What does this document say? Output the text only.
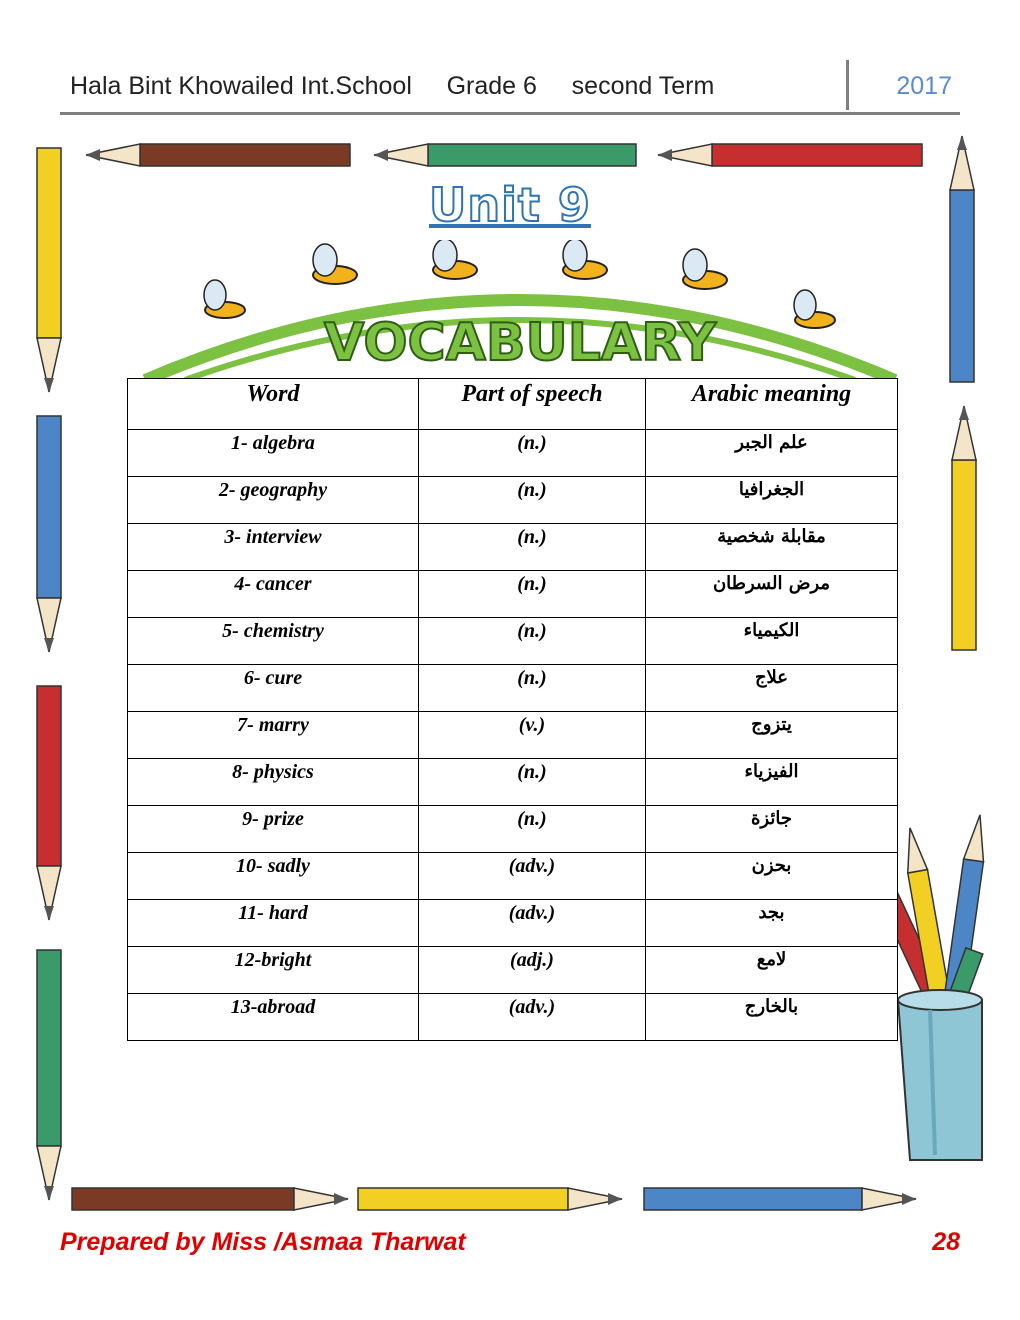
Hala Bint Khowailed Int.School     Grade 6     second Term	2017
Unit 9
VOCABULARY
Word	Part of speech	Arabic meaning
1- algebra	(n.)	علم الجبر
2- geography	(n.)	الجغرافيا
3- interview	(n.)	مقابلة شخصية
4- cancer	(n.)	مرض السرطان
5- chemistry	(n.)	الكيمياء
6- cure	(n.)	علاج
7- marry	(v.)	يتزوج
8- physics	(n.)	الفيزياء
9- prize	(n.)	جائزة
10- sadly	(adv.)	بحزن
11- hard	(adv.)	بجد
12-bright	(adj.)	لامع
13-abroad	(adv.)	بالخارج
Prepared by Miss /Asmaa Tharwat	28
